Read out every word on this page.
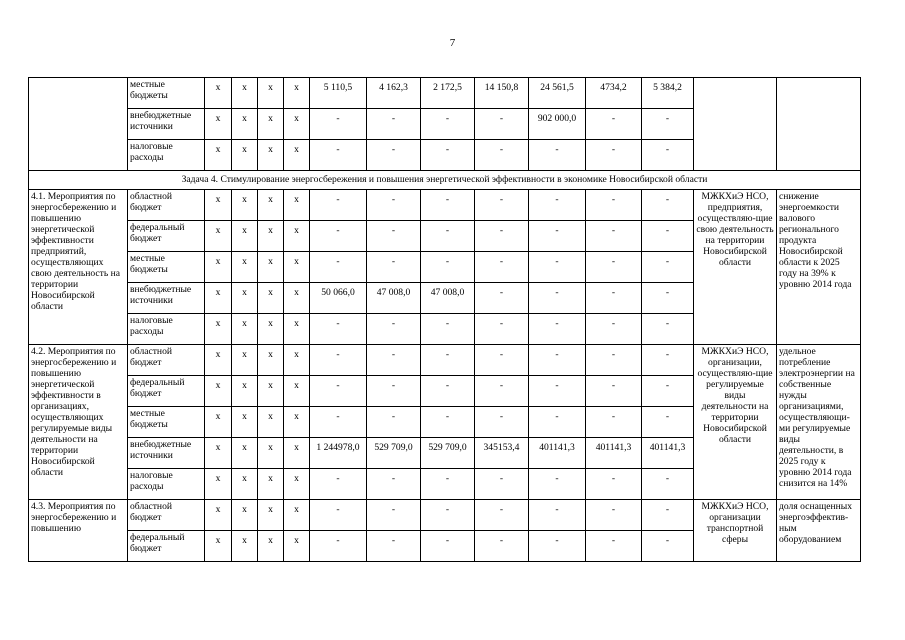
7
	местные бюджеты	x	x	x	x	5 110,5	4 162,3	2 172,5	14 150,8	24 561,5	4734,2	5 384,2		
	внебюджетные источники	x	x	x	x	-	-	-	-	902 000,0	-	-		
	налоговые расходы	x	x	x	x	-	-	-	-	-	-	-		
Задача 4. Стимулирование энергосбережения и повышения энергетической эффективности в экономике Новосибирской области														
4.1. Мероприятия по энергосбережению и повышению энергетической эффективности предприятий, осуществляющих свою деятельность на территории Новосибирской области	областной бюджет	x	x	x	x	-	-	-	-	-	-	-	МЖКХиЭ НСО, предприятия, осуществляю-щие свою деятельность на территории Новосибирской области	снижение энергоемкости валового регионального продукта Новосибирской области к 2025 году на 39% к уровню 2014 года
	федеральный бюджет	x	x	x	x	-	-	-	-	-	-	-		
	местные бюджеты	x	x	x	x	-	-	-	-	-	-	-		
	внебюджетные источники	x	x	x	x	50 066,0	47 008,0	47 008,0	-	-	-	-		
	налоговые расходы	x	x	x	x	-	-	-	-	-	-	-		
4.2. Мероприятия по энергосбережению и повышению энергетической эффективности в организациях, осуществляющих регулируемые виды деятельности на территории Новосибирской области	областной бюджет	x	x	x	x	-	-	-	-	-	-	-	МЖКХиЭ НСО, организации, осуществляю-щие регулируемые виды деятельности на территории Новосибирской области	удельное потребление электроэнергии на собственные нужды организациями, осуществляющи-ми регулируемые виды деятельности, в 2025 году к уровню 2014 года снизится на 14%
	федеральный бюджет	x	x	x	x	-	-	-	-	-	-	-		
	местные бюджеты	x	x	x	x	-	-	-	-	-	-	-		
	внебюджетные источники	x	x	x	x	1 244978,0	529 709,0	529 709,0	345153,4	401141,3	401141,3	401141,3		
	налоговые расходы	x	x	x	x	-	-	-	-	-	-	-		
4.3. Мероприятия по энергосбережению и повышению	областной бюджет	x	x	x	x	-	-	-	-	-	-	-	МЖКХиЭ НСО, организации транспортной сферы	доля оснащенных энергоэффектив-ным оборудованием
	федеральный бюджет	x	x	x	x	-	-	-	-	-	-	-		
